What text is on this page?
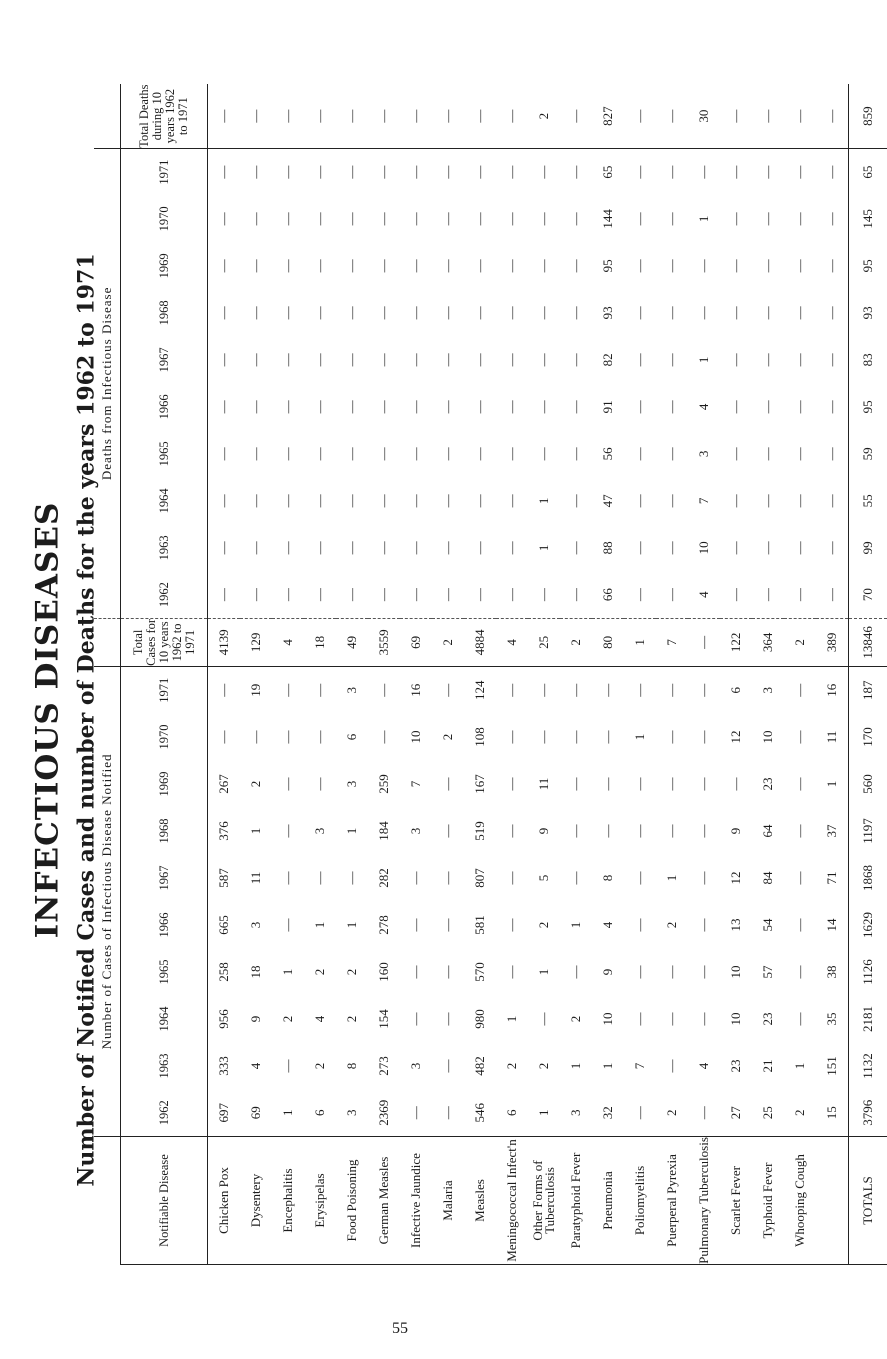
INFECTIOUS DISEASES Number of Notified Cases and number of Deaths for the years 1962 to 1971
	Number of Cases of Infectious Disease Notified											Deaths from Infectious Disease										
Notifiable Disease	1962	1963	1964	1965	1966	1967	1968	1969	1970	1971	Total Cases for 10 years 1962 to 1971	1962	1963	1964	1965	1966	1967	1968	1969	1970	1971	Total Deaths during 10 years 1962 to 1971
Chicken Pox	697	333	956	258	665	587	376	267	—	—	4139	—	—	—	—	—	—	—	—	—	—	—
Dysentery	69	4	9	18	3	11	1	2	—	19	129	—	—	—	—	—	—	—	—	—	—	—
Encephalitis	1	—	2	1	—	—	—	—	—	—	4	—	—	—	—	—	—	—	—	—	—	—
Erysipelas	6	2	4	2	1	—	3	—	—	—	18	—	—	—	—	—	—	—	—	—	—	—
Food Poisoning	3	8	2	2	1	—	1	3	6	3	49	—	—	—	—	—	—	—	—	—	—	—
German Measles	2369	273	154	160	278	282	184	259	—	—	3559	—	—	—	—	—	—	—	—	—	—	—
Infective Jaundice	—	3	—	—	—	—	3	7	10	16	69	—	—	—	—	—	—	—	—	—	—	—
Malaria	—	—	—	—	—	—	—	—	2	—	2	—	—	—	—	—	—	—	—	—	—	—
Measles	546	482	980	570	581	807	519	167	108	124	4884	—	—	—	—	—	—	—	—	—	—	—
Meningococcal Infect'n	6	2	1	—	—	—	—	—	—	—	4	—	—	—	—	—	—	—	—	—	—	—
Other Forms of Tuberculosis	1	2	—	1	2	5	9	11	—	—	25	—	1	1	—	—	—	—	—	—	—	2
Paratyphoid Fever	3	1	2	—	1	—	—	—	—	—	2	—	—	—	—	—	—	—	—	—	—	—
Pneumonia	32	1	10	9	4	8	—	—	—	—	80	66	88	47	56	91	82	93	95	144	65	827
Poliomyelitis	—	7	—	—	—	—	—	—	1	—	1	—	—	—	—	—	—	—	—	—	—	—
Puerperal Pyrexia	2	—	—	—	2	1	—	—	—	—	7	—	—	—	—	—	—	—	—	—	—	—
Pulmonary Tuberculosis	—	4	—	—	—	—	—	—	—	—	—	4	10	7	3	4	1	—	—	1	—	30
Scarlet Fever	27	23	10	10	13	12	9	—	12	6	122	—	—	—	—	—	—	—	—	—	—	—
Typhoid Fever	25	21	23	57	54	84	64	23	10	3	364	—	—	—	—	—	—	—	—	—	—	—
Whooping Cough	2	1	—	—	—	—	—	—	—	—	2	—	—	—	—	—	—	—	—	—	—	—
	15	151	35	38	14	71	37	1	11	16	389	—	—	—	—	—	—	—	—	—	—	—
TOTALS	3796	1132	2181	1126	1629	1868	1197	560	170	187	13846	70	99	55	59	95	83	93	95	145	65	859
55
